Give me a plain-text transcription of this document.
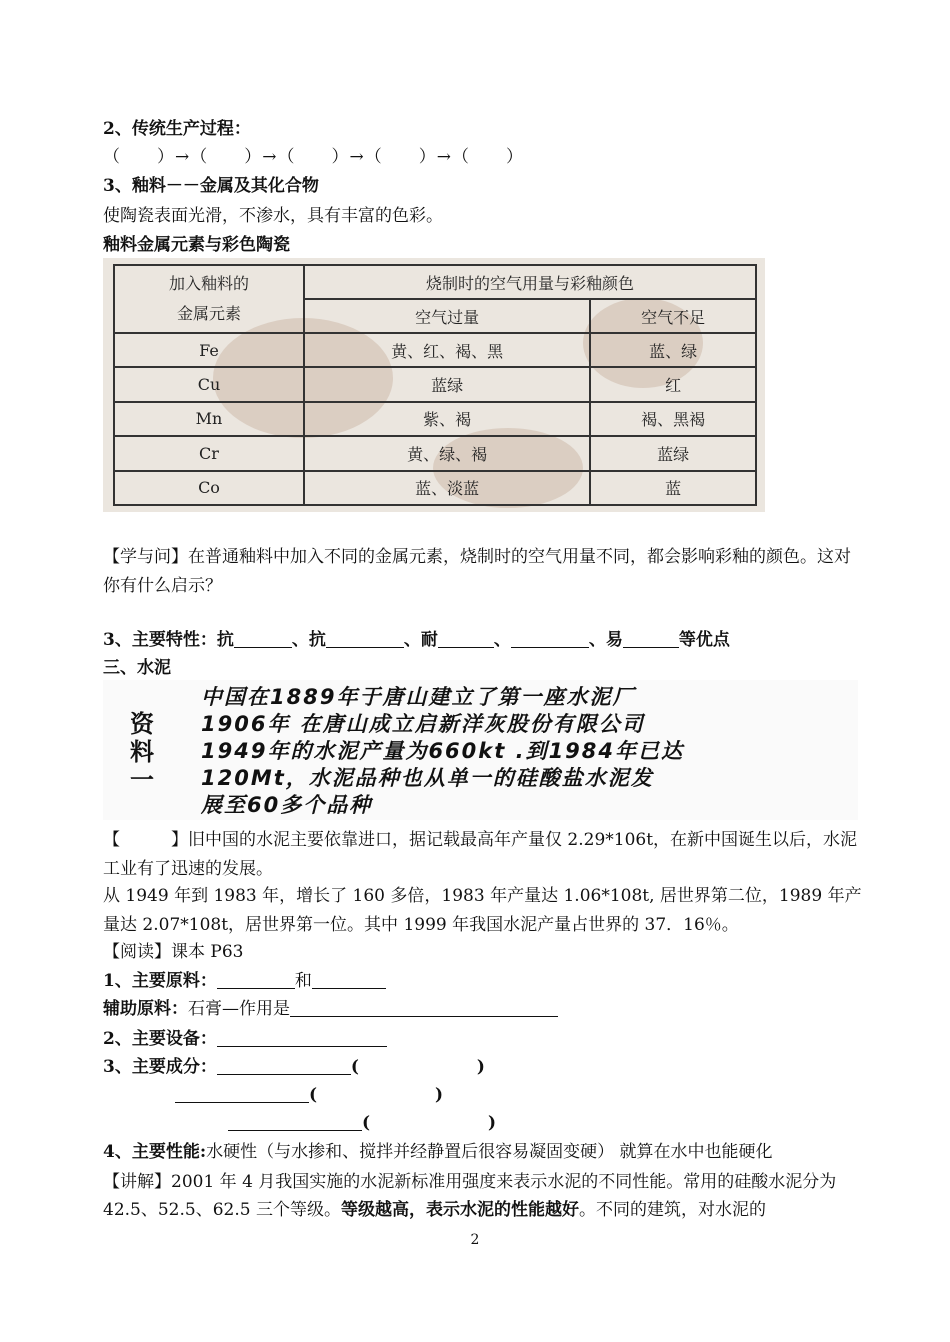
2、传统生产过程：
（　　）→（　　）→（　　）→（　　）→（　　）
3、釉料－－金属及其化合物
使陶瓷表面光滑，不渗水，具有丰富的色彩。
釉料金属元素与彩色陶瓷
加入釉料的
金属元素	烧制时的空气用量与彩釉颜色	
	空气过量	空气不足
Fe	黄、红、褐、黑	蓝、绿
Cu	蓝绿	红
Mn	紫、褐	褐、黑褐
Cr	黄、绿、褐	蓝绿
Co	蓝、淡蓝	蓝
【学与问】在普通釉料中加入不同的金属元素，烧制时的空气用量不同，都会影响彩釉的颜色。这对你有什么启示？
3、主要特性：抗	、抗	、耐	、	、易	等优点
三、水泥
资料一
中国在1889年于唐山建立了第一座水泥厂
1906年 在唐山成立启新洋灰股份有限公司
1949年的水泥产量为660kt .到1984年已达
120Mt，水泥品种也从单一的硅酸盐水泥发
展至60多个品种
【　　　】旧中国的水泥主要依靠进口，据记载最高年产量仅 2.29*106t，在新中国诞生以后，水泥工业有了迅速的发展。
从 1949 年到 1983 年，增长了 160 多倍，1983 年产量达 1.06*108t, 居世界第二位，1989 年产量达 2.07*108t，居世界第一位。其中 1999 年我国水泥产量占世界的 37．16％。
【阅读】课本 P63
1、主要原料：	和
辅助原料：石膏—作用是
2、主要设备：
3、主要成分：	(	)
(	)
(	)
4、主要性能:水硬性（与水掺和、搅拌并经静置后很容易凝固变硬） 就算在水中也能硬化
【讲解】2001 年 4 月我国实施的水泥新标准用强度来表示水泥的不同性能。常用的硅酸水泥分为 42.5、52.5、62.5 三个等级。等级越高，表示水泥的性能越好。不同的建筑，对水泥的
2
